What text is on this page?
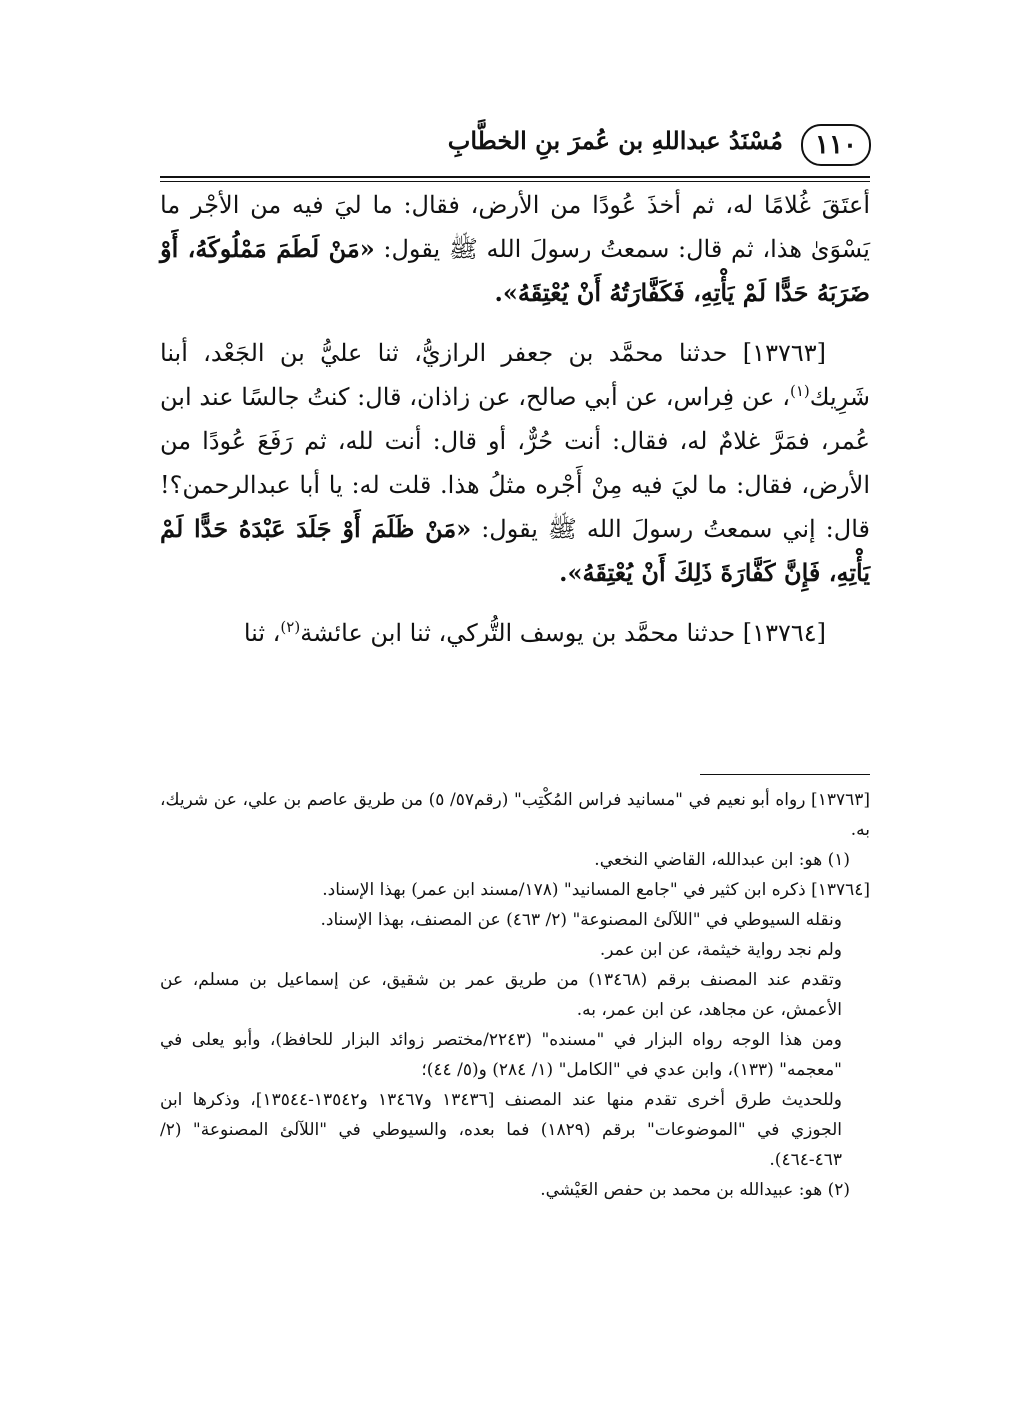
١١٠
مُسْنَدُ عبداللهِ بن عُمرَ بنِ الخطَّابِ

أعتَقَ غُلامًا له، ثم أخذَ عُودًا من الأرض، فقال: ما ليَ فيه من الأجْر ما يَسْوَىٰ هذا، ثم قال: سمعتُ رسولَ الله ﷺ يقول: «مَنْ لَطَمَ مَمْلُوكَهُ، أَوْ ضَرَبَهُ حَدًّا لَمْ يَأْتِهِ، فَكَفَّارَتُهُ أَنْ يُعْتِقَهُ».

[١٣٧٦٣] حدثنا محمَّد بن جعفر الرازيُّ، ثنا عليُّ بن الجَعْد، أبنا شَرِيك$^{(١)}$، عن فِراس، عن أبي صالح، عن زاذان، قال: كنتُ جالسًا عند ابن عُمر، فمَرَّ غلامٌ له، فقال: أنت حُرٌّ، أو قال: أنت لله، ثم رَفَعَ عُودًا من الأرض، فقال: ما ليَ فيه مِنْ أَجْره مثلُ هذا. قلت له: يا أبا عبدالرحمن؟! قال: إني سمعتُ رسولَ الله ﷺ يقول: «مَنْ ظَلَمَ أَوْ جَلَدَ عَبْدَهُ حَدًّا لَمْ يَأْتِهِ، فَإِنَّ كَفَّارَةَ ذَلِكَ أَنْ يُعْتِقَهُ».

[١٣٧٦٤] حدثنا محمَّد بن يوسف التُّركي، ثنا ابن عائشة$^{(٢)}$، ثنا

[١٣٧٦٣] رواه أبو نعيم في "مسانيد فراس المُكْتِب" (رقم٥٧/ ٥) من طريق عاصم بن علي، عن شريك، به.

(١) هو: ابن عبدالله، القاضي النخعي.

[١٣٧٦٤] ذكره ابن كثير في "جامع المسانيد" (١٧٨/مسند ابن عمر) بهذا الإسناد.

ونقله السيوطي في "اللآلئ المصنوعة" (٢/ ٤٦٣) عن المصنف، بهذا الإسناد.

ولم نجد رواية خيثمة، عن ابن عمر.

وتقدم عند المصنف برقم (١٣٤٦٨) من طريق عمر بن شقيق، عن إسماعيل بن مسلم، عن الأعمش، عن مجاهد، عن ابن عمر، به.

ومن هذا الوجه رواه البزار في "مسنده" (٢٢٤٣/مختصر زوائد البزار للحافظ)، وأبو يعلى في "معجمه" (١٣٣)، وابن عدي في "الكامل" (١/ ٢٨٤) و(٥/ ٤٤)؛

وللحديث طرق أخرى تقدم منها عند المصنف [١٣٤٣٦ و١٣٤٦٧ و١٣٥٤٢-١٣٥٤٤]، وذكرها ابن الجوزي في "الموضوعات" برقم (١٨٢٩) فما بعده، والسيوطي في "اللآلئ المصنوعة" (٢/ ٤٦٣-٤٦٤).

(٢) هو: عبيدالله بن محمد بن حفص العَيْشي.
